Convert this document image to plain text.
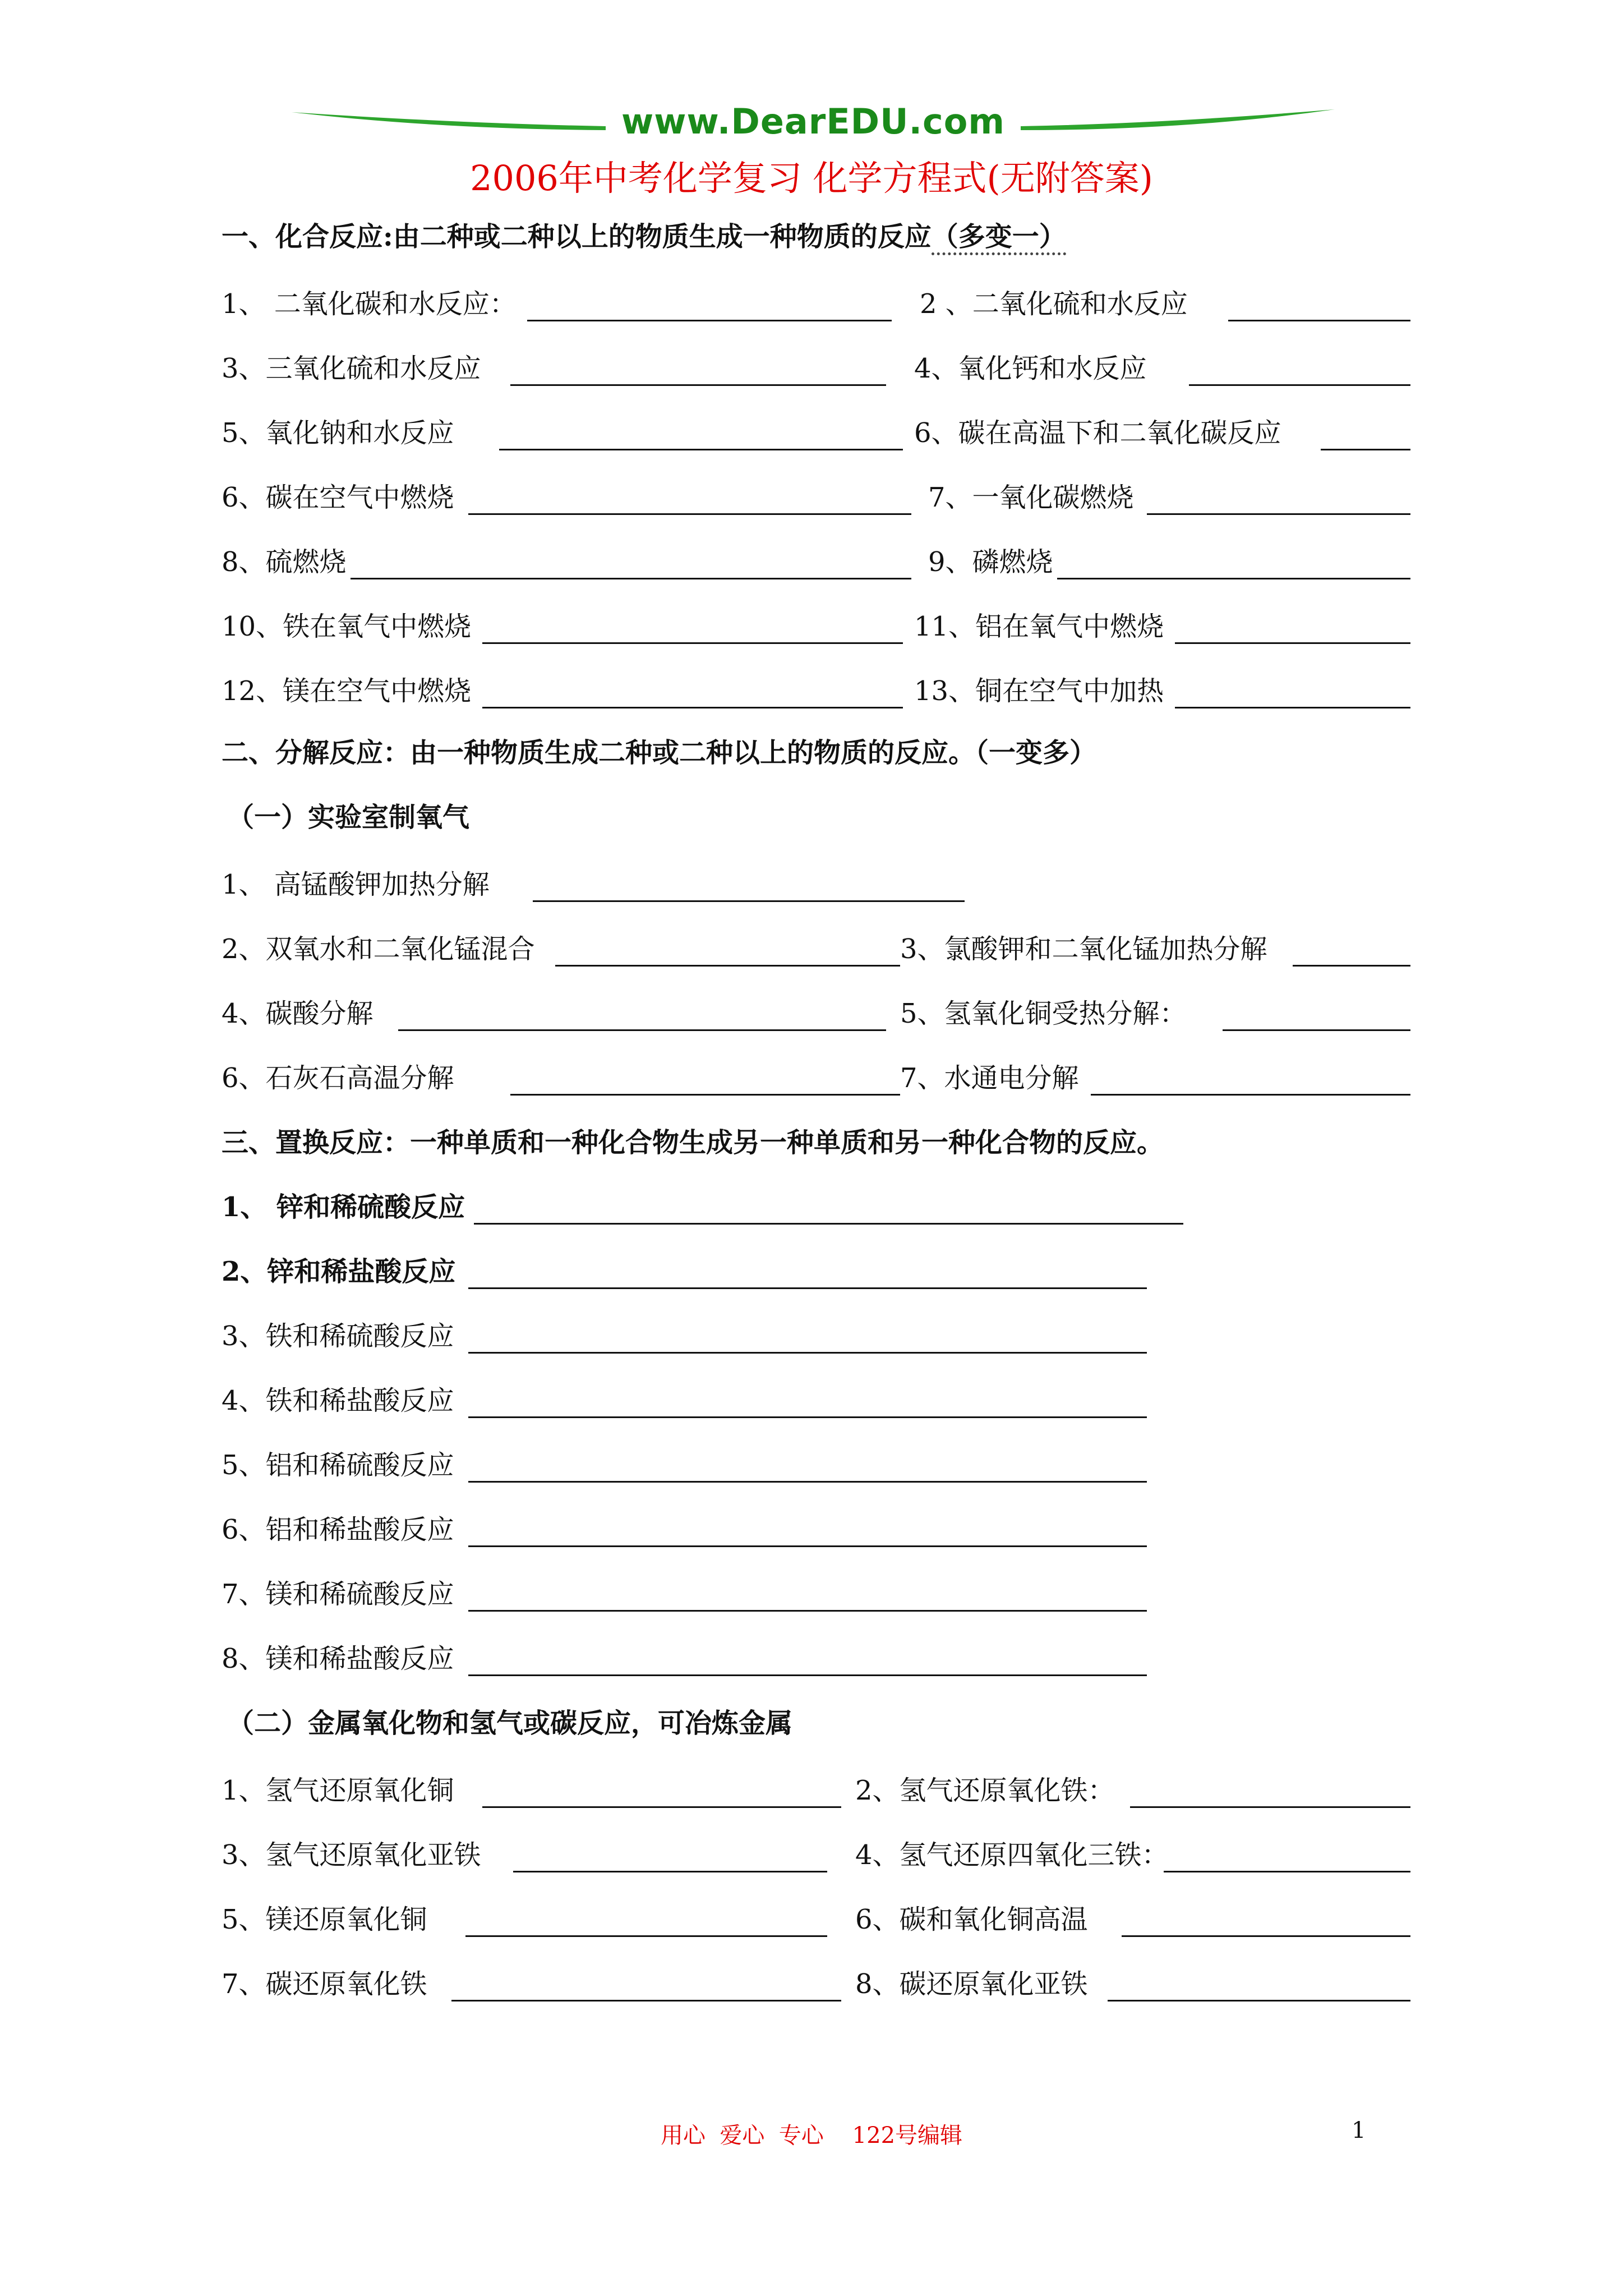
www.DearEDU.com
2006年中考化学复习 化学方程式(无附答案)
一、化合反应:由二种或二种以上的物质生成一种物质的反应（多变一）
1、 二氧化碳和水反应：	2 、二氧化硫和水反应
3、三氧化硫和水反应	4、氧化钙和水反应
5、氧化钠和水反应	6、碳在高温下和二氧化碳反应
6、碳在空气中燃烧	7、一氧化碳燃烧
8、硫燃烧	9、磷燃烧
10、铁在氧气中燃烧	11、铝在氧气中燃烧
12、镁在空气中燃烧	13、铜在空气中加热
二、分解反应：由一种物质生成二种或二种以上的物质的反应。（一变多）
（一）实验室制氧气
1、 高锰酸钾加热分解
2、双氧水和二氧化锰混合	3、氯酸钾和二氧化锰加热分解
4、碳酸分解	5、氢氧化铜受热分解：
6、石灰石高温分解	7、水通电分解
三、置换反应：一种单质和一种化合物生成另一种单质和另一种化合物的反应。
1、 锌和稀硫酸反应
2、锌和稀盐酸反应
3、铁和稀硫酸反应
4、铁和稀盐酸反应
5、铝和稀硫酸反应
6、铝和稀盐酸反应
7、镁和稀硫酸反应
8、镁和稀盐酸反应
（二）金属氧化物和氢气或碳反应，可冶炼金属
1、氢气还原氧化铜	2、氢气还原氧化铁：
3、氢气还原氧化亚铁	4、氢气还原四氧化三铁：
5、镁还原氧化铜	6、碳和氧化铜高温
7、碳还原氧化铁	8、碳还原氧化亚铁
用心  爱心  专心    122号编辑	1
